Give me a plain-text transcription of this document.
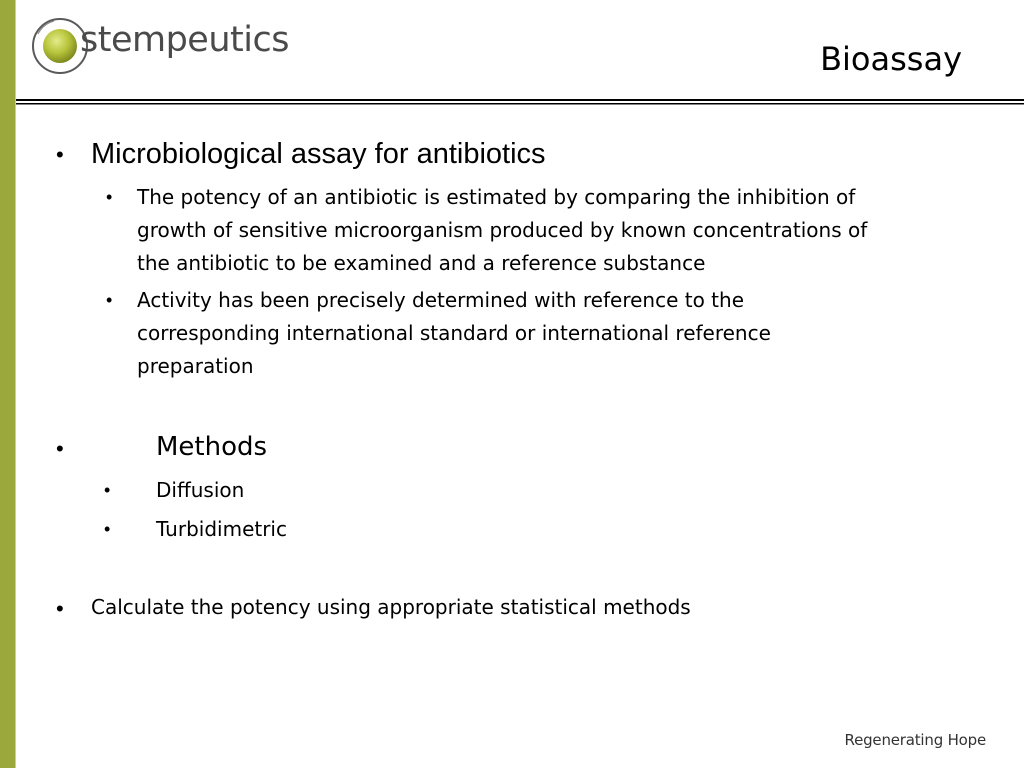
stempeutics	Bioassay
• Microbiological assay for antibiotics
• The potency of an antibiotic is estimated by comparing the inhibition of
growth of sensitive microorganism produced by known concentrations of
the antibiotic to be examined and a reference substance
• Activity has been precisely determined with reference to the
corresponding international standard or international reference
preparation
•	Methods
• Diffusion
• Turbidimetric
• Calculate the potency using appropriate statistical methods
Regenerating Hope
